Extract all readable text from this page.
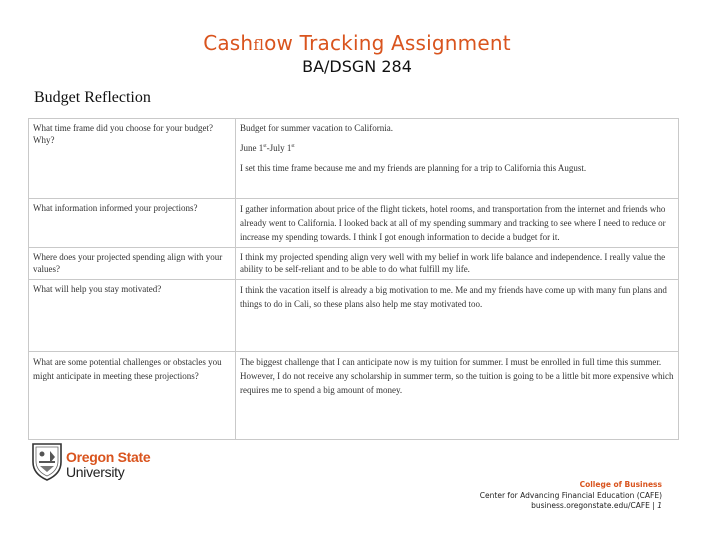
Cashflow Tracking Assignment
BA/DSGN 284
Budget Reflection
What time frame did you choose for your budget? Why?	Budget for summer vacation to California.

June 1st-July 1st

I set this time frame because me and my friends are planning for a trip to California this August.

What information informed your projections?	I gather information about price of the flight tickets, hotel rooms, and transportation from the internet and friends who already went to California. I looked back at all of my spending summary and tracking to see where I need to reduce or increase my spending towards. I think I got enough information to decide a budget for it.

Where does your projected spending align with your values?	I think my projected spending align very well with my belief in work life balance and independence. I really value the ability to be self-reliant and to be able to do what fulfill my life.

What will help you stay motivated?	I think the vacation itself is already a big motivation to me. Me and my friends have come up with many fun plans and things to do in Cali, so these plans also help me stay motivated too.

What are some potential challenges or obstacles you might anticipate in meeting these projections?	The biggest challenge that I can anticipate now is my tuition for summer. I must be enrolled in full time this summer. However, I do not receive any scholarship in summer term, so the tuition is going to be a little bit more expensive which requires me to spend a big amount of money.

Oregon State
University
College of Business
Center for Advancing Financial Education (CAFE)
business.oregonstate.edu/CAFE | 1
